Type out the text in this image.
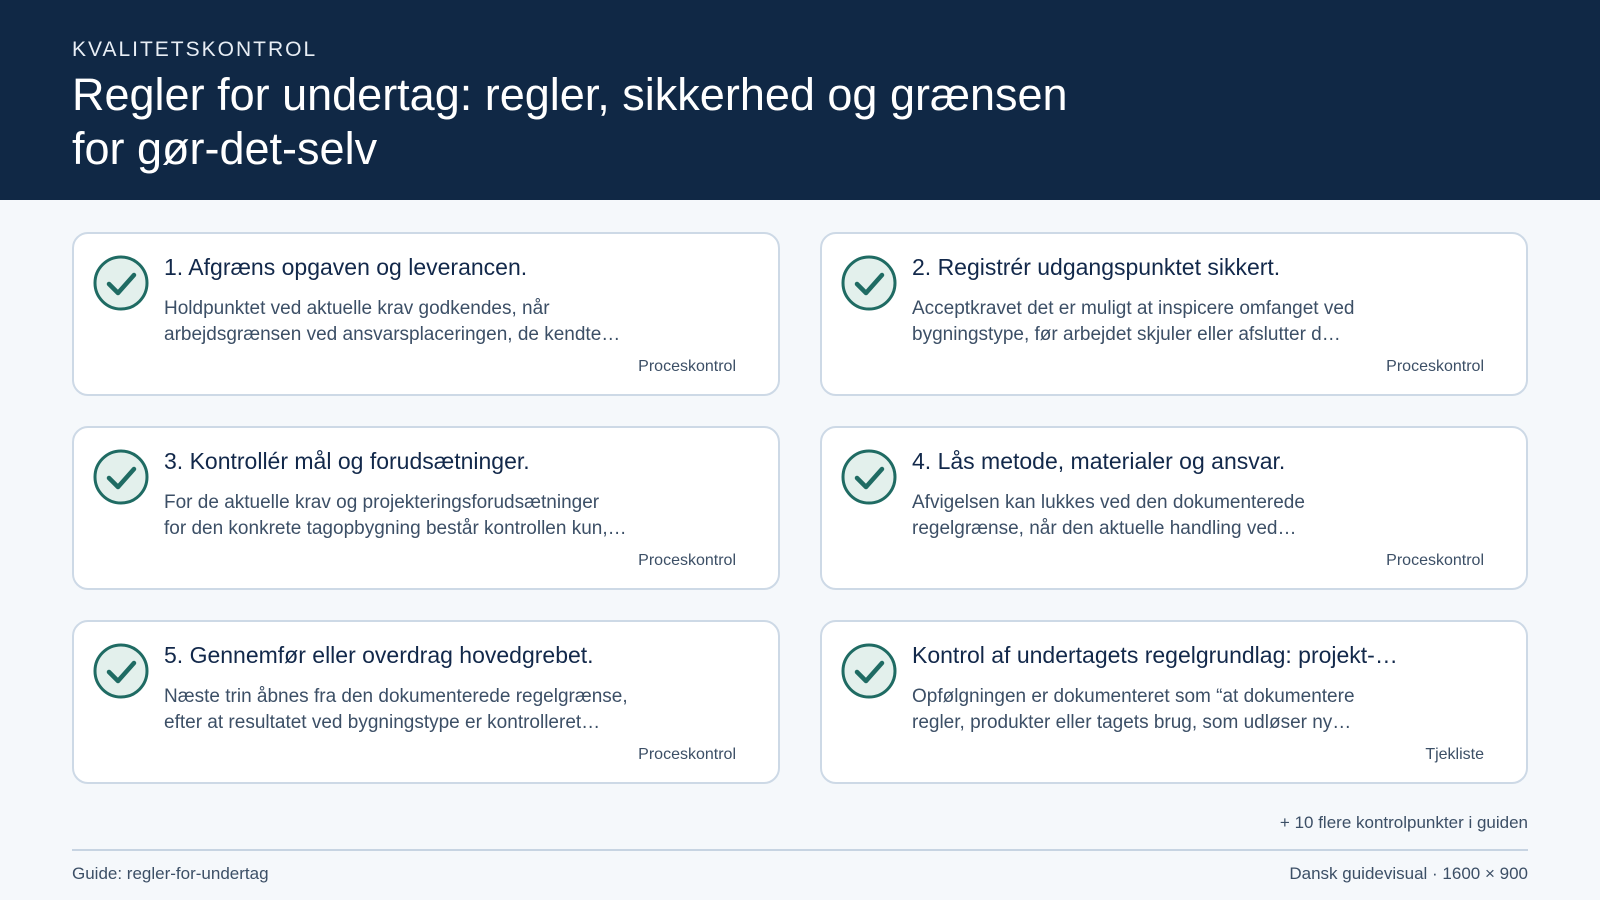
KVALITETSKONTROL
Regler for undertag: regler, sikkerhed og grænsen for gør-det-selv
1. Afgræns opgaven og leverancen.
Holdpunktet ved aktuelle krav godkendes, når
arbejdsgrænsen ved ansvarsplaceringen, de kendte…
Proceskontrol
2. Registrér udgangspunktet sikkert.
Acceptkravet det er muligt at inspicere omfanget ved
bygningstype, før arbejdet skjuler eller afslutter d…
Proceskontrol
3. Kontrollér mål og forudsætninger.
For de aktuelle krav og projekteringsforudsætninger
for den konkrete tagopbygning består kontrollen kun,…
Proceskontrol
4. Lås metode, materialer og ansvar.
Afvigelsen kan lukkes ved den dokumenterede
regelgrænse, når den aktuelle handling ved…
Proceskontrol
5. Gennemfør eller overdrag hovedgrebet.
Næste trin åbnes fra den dokumenterede regelgrænse,
efter at resultatet ved bygningstype er kontrolleret…
Proceskontrol
Kontrol af undertagets regelgrundlag: projekt-…
Opfølgningen er dokumenteret som “at dokumentere
regler, produkter eller tagets brug, som udløser ny…
Tjekliste
+ 10 flere kontrolpunkter i guiden
Guide: regler-for-undertag	Dansk guidevisual · 1600 × 900
